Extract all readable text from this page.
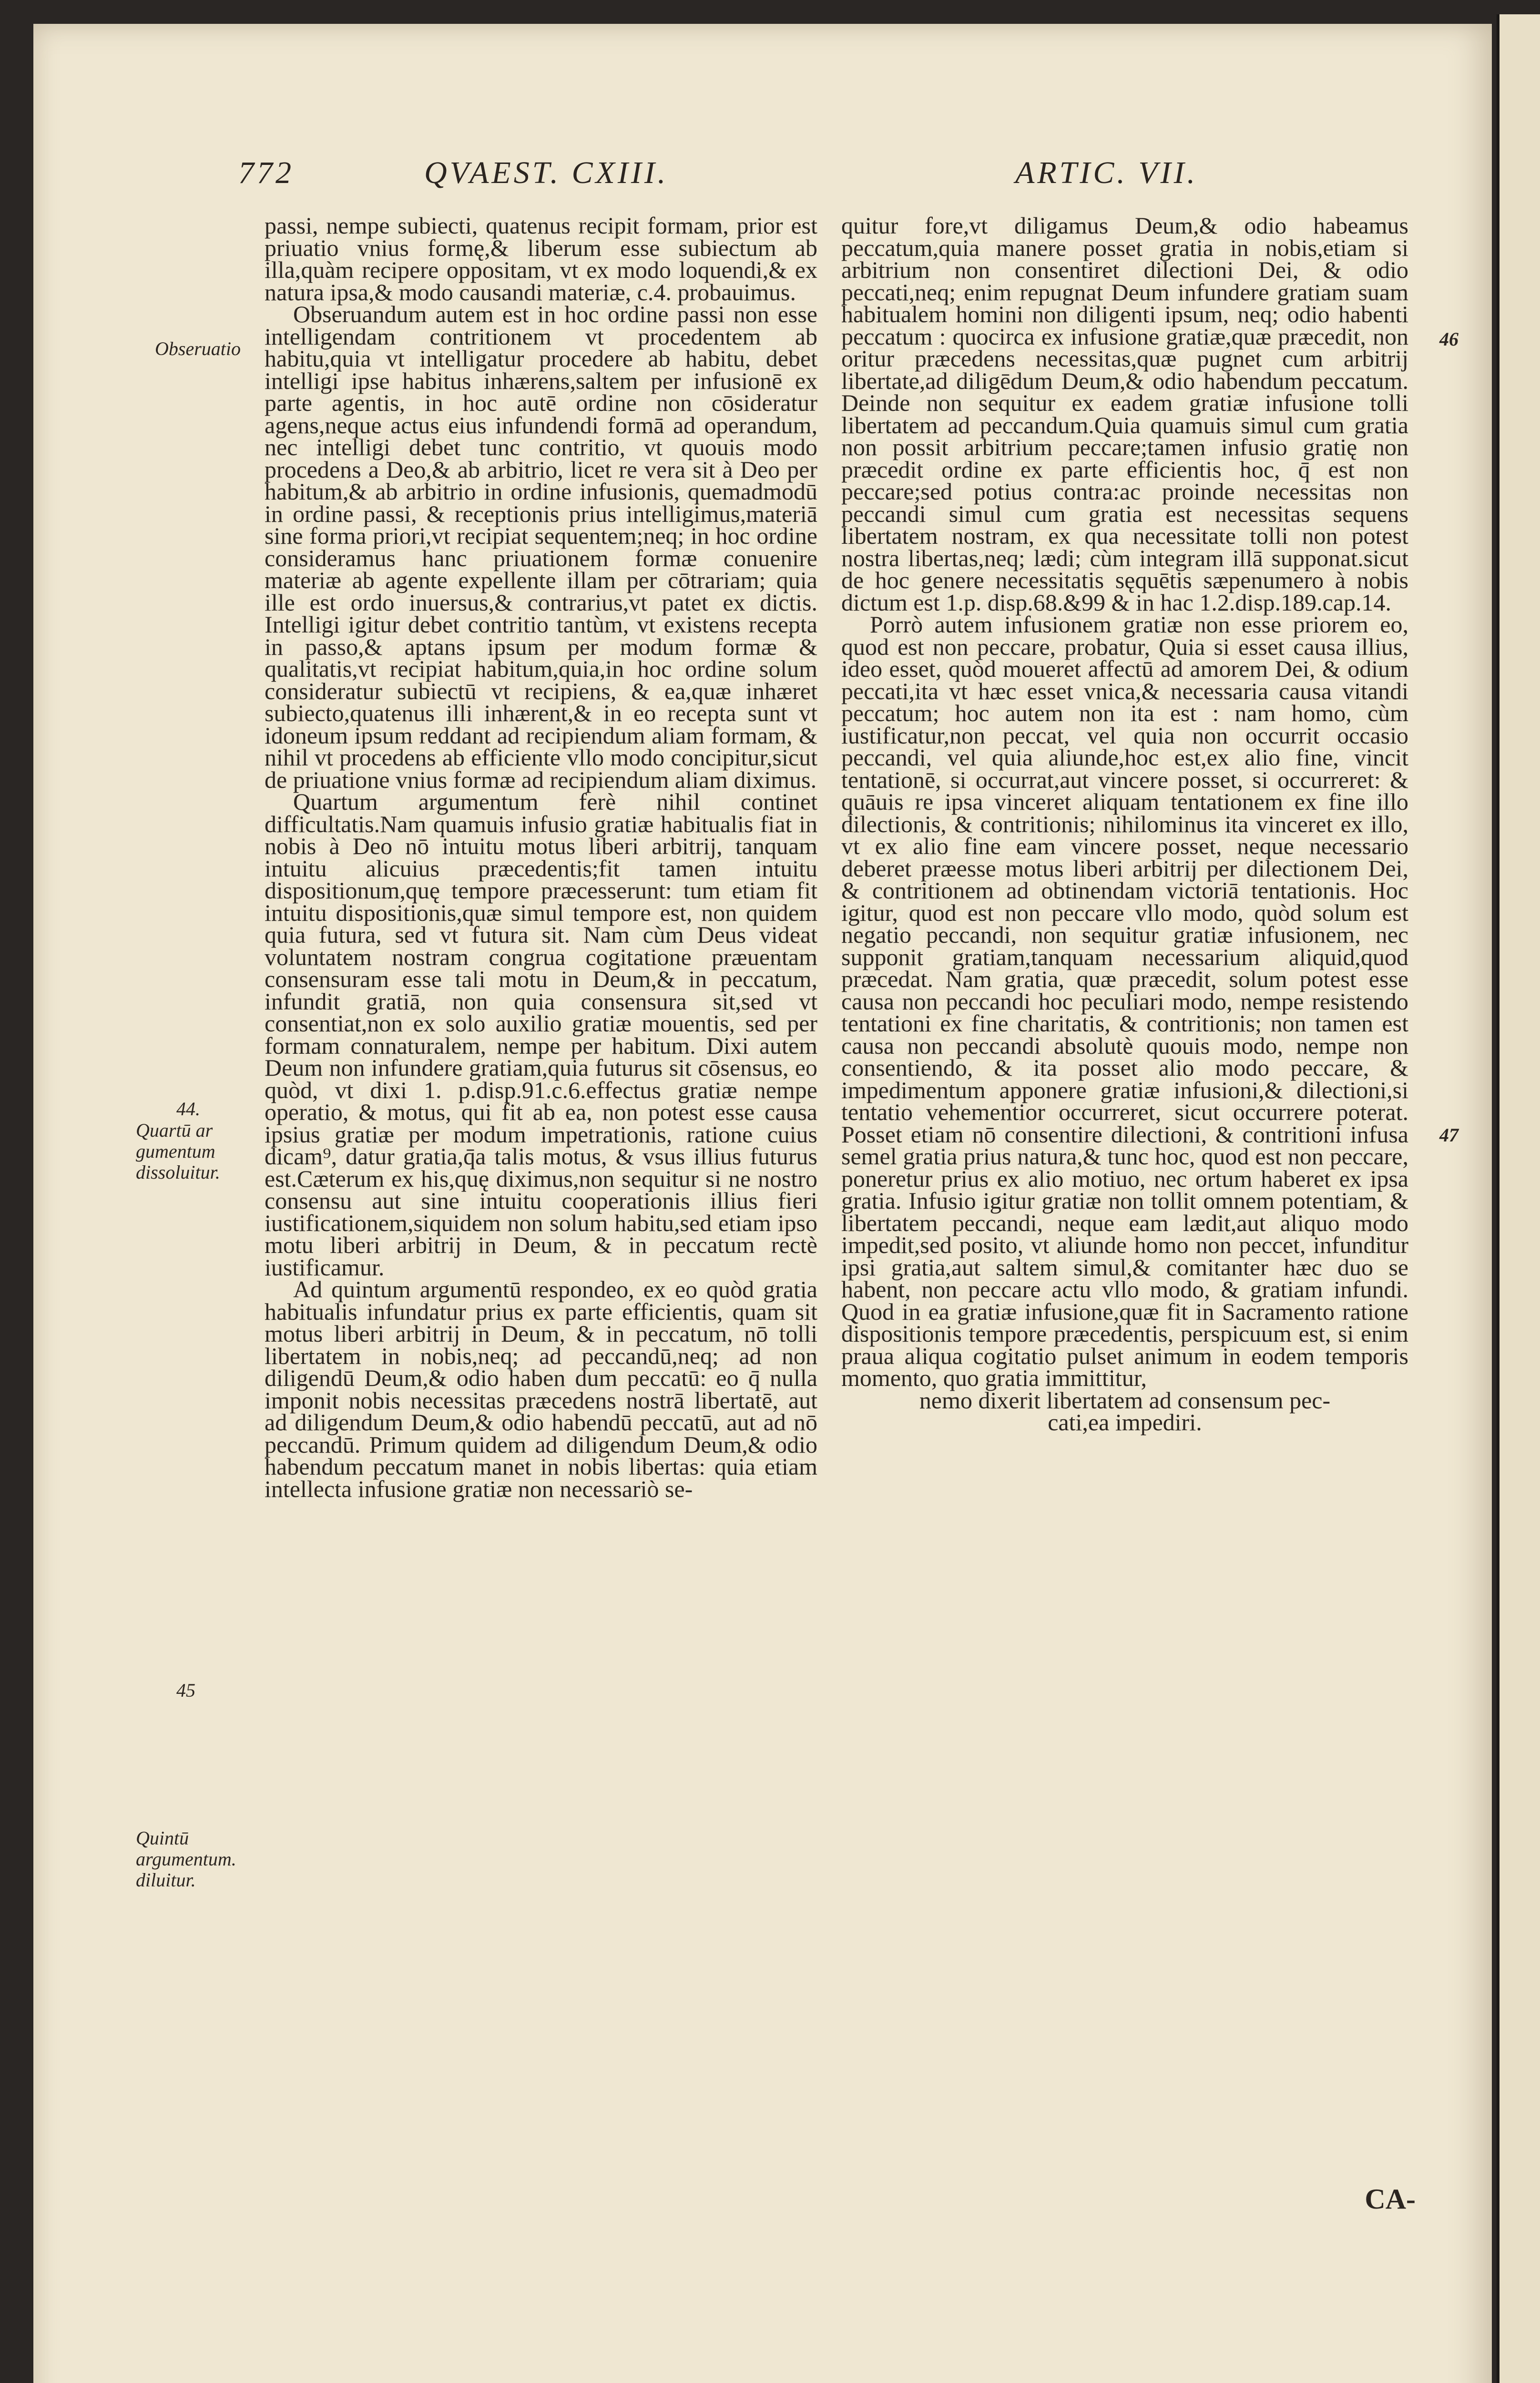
772	QVAEST. CXIII.	ARTIC. VII.
Obseruatio
44.
Quartū ar gumentum dissoluitur.
45
Quintū argumentum. diluitur.
46
47

passi, nempe subiecti, quatenus recipit formam, prior est priuatio vnius formę,& liberum esse subiectum ab illa,quàm recipere oppositam, vt ex modo loquendi,& ex natura ipsa,& modo causandi materiæ, c.4. probauimus.

Obseruandum autem est in hoc ordine passi non esse intelligendam contritionem vt procedentem ab habitu,quia vt intelligatur procedere ab habitu, debet intelligi ipse habitus inhærens,saltem per infusionē ex parte agentis, in hoc autē ordine non cōsideratur agens,neque actus eius infundendi formā ad operandum, nec intelligi debet tunc contritio, vt quouis modo procedens a Deo,& ab arbitrio, licet re vera sit à Deo per habitum,& ab arbitrio in ordine infusionis, quemadmodū in ordine passi, & receptionis prius intelligimus,materiā sine forma priori,vt recipiat sequentem;neq; in hoc ordine consideramus hanc priuationem formæ conuenire materiæ ab agente expellente illam per cōtrariam; quia ille est ordo inuersus,& contrarius,vt patet ex dictis. Intelligi igitur debet contritio tantùm, vt existens recepta in passo,& aptans ipsum per modum formæ & qualitatis,vt recipiat habitum,quia,in hoc ordine solum consideratur subiectū vt recipiens, & ea,quæ inhæret subiecto,quatenus illi inhærent,& in eo recepta sunt vt idoneum ipsum reddant ad recipiendum aliam formam, & nihil vt procedens ab efficiente vllo modo concipitur,sicut de priuatione vnius formæ ad recipiendum aliam diximus.

Quartum argumentum ferè nihil continet difficultatis.Nam quamuis infusio gratiæ habitualis fiat in nobis à Deo nō intuitu motus liberi arbitrij, tanquam intuitu alicuius præcedentis;fit tamen intuitu dispositionum,quę tempore præcesserunt: tum etiam fit intuitu dispositionis,quæ simul tempore est, non quidem quia futura, sed vt futura sit. Nam cùm Deus videat voluntatem nostram congrua cogitatione præuentam consensuram esse tali motu in Deum,& in peccatum, infundit gratiā, non quia consensura sit,sed vt consentiat,non ex solo auxilio gratiæ mouentis, sed per formam connaturalem, nempe per habitum. Dixi autem Deum non infundere gratiam,quia futurus sit cōsensus, eo quòd, vt dixi 1. p.disp.91.c.6.effectus gratiæ nempe operatio, & motus, qui fit ab ea, non potest esse causa ipsius gratiæ per modum impetrationis, ratione cuius dicam⁹, datur gratia,q̄a talis motus, & vsus illius futurus est.Cæterum ex his,quę diximus,non sequitur si ne nostro consensu aut sine intuitu cooperationis illius fieri iustificationem,siquidem non solum habitu,sed etiam ipso motu liberi arbitrij in Deum, & in peccatum rectè iustificamur.

Ad quintum argumentū respondeo, ex eo quòd gratia habitualis infundatur prius ex parte efficientis, quam sit motus liberi arbitrij in Deum, & in peccatum, nō tolli libertatem in nobis,neq; ad peccandū,neq; ad non diligendū Deum,& odio haben dum peccatū: eo q̄ nulla imponit nobis necessitas præcedens nostrā libertatē, aut ad diligendum Deum,& odio habendū peccatū, aut ad nō peccandū. Primum quidem ad diligendum Deum,& odio habendum peccatum manet in nobis libertas: quia etiam intellecta infusione gratiæ non necessariò se-

quitur fore,vt diligamus Deum,& odio habeamus peccatum,quia manere posset gratia in nobis,etiam si arbitrium non consentiret dilectioni Dei, & odio peccati,neq; enim repugnat Deum infundere gratiam suam habitualem homini non diligenti ipsum, neq; odio habenti peccatum : quocirca ex infusione gratiæ,quæ præcedit, non oritur præcedens necessitas,quæ pugnet cum arbitrij libertate,ad diligēdum Deum,& odio habendum peccatum. Deinde non sequitur ex eadem gratiæ infusione tolli libertatem ad peccandum.Quia quamuis simul cum gratia non possit arbitrium peccare;tamen infusio gratię non præcedit ordine ex parte efficientis hoc, q̄ est non peccare;sed potius contra:ac proinde necessitas non peccandi simul cum gratia est necessitas sequens libertatem nostram, ex qua necessitate tolli non potest nostra libertas,neq; lædi; cùm integram illā supponat.sicut de hoc genere necessitatis sęquētis sæpenumero à nobis dictum est 1.p. disp.68.&99 & in hac 1.2.disp.189.cap.14.

Porrò autem infusionem gratiæ non esse priorem eo, quod est non peccare, probatur, Quia si esset causa illius, ideo esset, quòd moueret affectū ad amorem Dei, & odium peccati,ita vt hæc esset vnica,& necessaria causa vitandi peccatum; hoc autem non ita est : nam homo, cùm iustificatur,non peccat, vel quia non occurrit occasio peccandi, vel quia aliunde,hoc est,ex alio fine, vincit tentationē, si occurrat,aut vincere posset, si occurreret: & quāuis re ipsa vinceret aliquam tentationem ex fine illo dilectionis, & contritionis; nihilominus ita vinceret ex illo, vt ex alio fine eam vincere posset, neque necessario deberet præesse motus liberi arbitrij per dilectionem Dei, & contritionem ad obtinendam victoriā tentationis. Hoc igitur, quod est non peccare vllo modo, quòd solum est negatio peccandi, non sequitur gratiæ infusionem, nec supponit gratiam,tanquam necessarium aliquid,quod præcedat. Nam gratia, quæ præcedit, solum potest esse causa non peccandi hoc peculiari modo, nempe resistendo tentationi ex fine charitatis, & contritionis; non tamen est causa non peccandi absolutè quouis modo, nempe non consentiendo, & ita posset alio modo peccare, & impedimentum apponere gratiæ infusioni,& dilectioni,si tentatio vehementior occurreret, sicut occurrere poterat. Posset etiam nō consentire dilectioni, & contritioni infusa semel gratia prius natura,& tunc hoc, quod est non peccare, poneretur prius ex alio motiuo, nec ortum haberet ex ipsa gratia. Infusio igitur gratiæ non tollit omnem potentiam, & libertatem peccandi, neque eam lædit,aut aliquo modo impedit,sed posito, vt aliunde homo non peccet, infunditur ipsi gratia,aut saltem simul,& comitanter hæc duo se habent, non peccare actu vllo modo, & gratiam infundi. Quod in ea gratiæ infusione,quæ fit in Sacramento ratione dispositionis tempore præcedentis, perspicuum est, si enim praua aliqua cogitatio pulset animum in eodem temporis momento, quo gratia immittitur,

nemo dixerit libertatem ad consensum pec-

cati,ea impediri.

CA-
